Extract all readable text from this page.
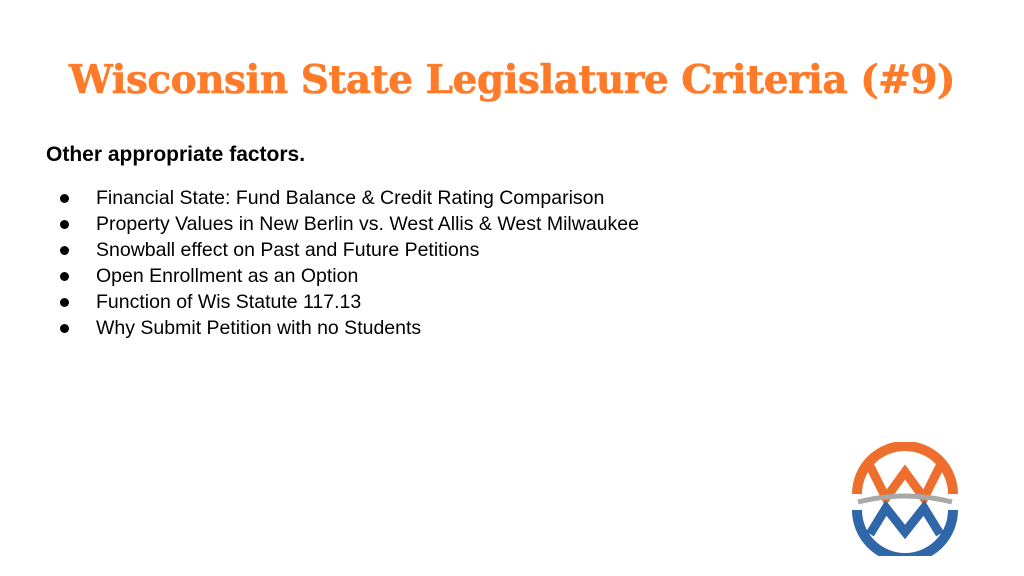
Wisconsin State Legislature Criteria (#9)

Other appropriate factors.

Financial State: Fund Balance & Credit Rating Comparison
Property Values in New Berlin vs. West Allis & West Milwaukee
Snowball effect on Past and Future Petitions
Open Enrollment as an Option
Function of Wis Statute 117.13
Why Submit Petition with no Students
